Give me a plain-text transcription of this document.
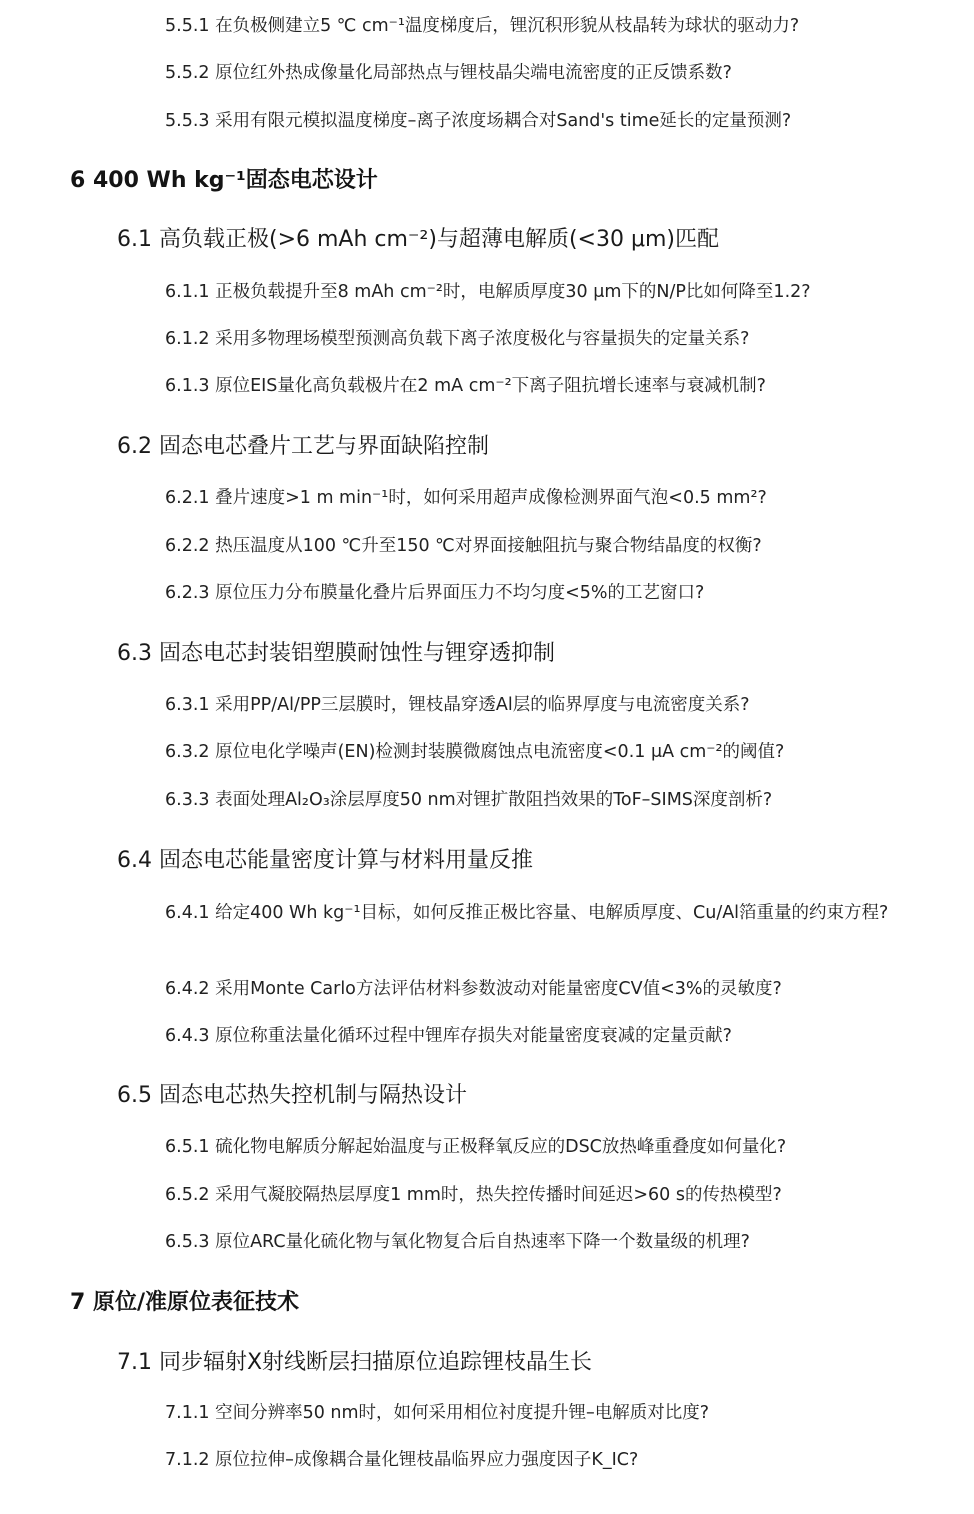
5.5.1 在负极侧建立5 ℃ cm⁻¹温度梯度后，锂沉积形貌从枝晶转为球状的驱动力?
5.5.2 原位红外热成像量化局部热点与锂枝晶尖端电流密度的正反馈系数?
5.5.3 采用有限元模拟温度梯度–离子浓度场耦合对Sand's time延长的定量预测?
6 400 Wh kg⁻¹固态电芯设计
6.1 高负载正极(>6 mAh cm⁻²)与超薄电解质(<30 μm)匹配
6.1.1 正极负载提升至8 mAh cm⁻²时，电解质厚度30 μm下的N/P比如何降至1.2?
6.1.2 采用多物理场模型预测高负载下离子浓度极化与容量损失的定量关系?
6.1.3 原位EIS量化高负载极片在2 mA cm⁻²下离子阻抗增长速率与衰减机制?
6.2 固态电芯叠片工艺与界面缺陷控制
6.2.1 叠片速度>1 m min⁻¹时，如何采用超声成像检测界面气泡<0.5 mm²?
6.2.2 热压温度从100 ℃升至150 ℃对界面接触阻抗与聚合物结晶度的权衡?
6.2.3 原位压力分布膜量化叠片后界面压力不均匀度<5%的工艺窗口?
6.3 固态电芯封装铝塑膜耐蚀性与锂穿透抑制
6.3.1 采用PP/Al/PP三层膜时，锂枝晶穿透Al层的临界厚度与电流密度关系?
6.3.2 原位电化学噪声(EN)检测封装膜微腐蚀点电流密度<0.1 μA cm⁻²的阈值?
6.3.3 表面处理Al₂O₃涂层厚度50 nm对锂扩散阻挡效果的ToF–SIMS深度剖析?
6.4 固态电芯能量密度计算与材料用量反推
6.4.1 给定400 Wh kg⁻¹目标，如何反推正极比容量、电解质厚度、Cu/Al箔重量的约束方程?
6.4.2 采用Monte Carlo方法评估材料参数波动对能量密度CV值<3%的灵敏度?
6.4.3 原位称重法量化循环过程中锂库存损失对能量密度衰减的定量贡献?
6.5 固态电芯热失控机制与隔热设计
6.5.1 硫化物电解质分解起始温度与正极释氧反应的DSC放热峰重叠度如何量化?
6.5.2 采用气凝胶隔热层厚度1 mm时，热失控传播时间延迟>60 s的传热模型?
6.5.3 原位ARC量化硫化物与氧化物复合后自热速率下降一个数量级的机理?
7 原位/准原位表征技术
7.1 同步辐射X射线断层扫描原位追踪锂枝晶生长
7.1.1 空间分辨率50 nm时，如何采用相位衬度提升锂–电解质对比度?
7.1.2 原位拉伸–成像耦合量化锂枝晶临界应力强度因子K_IC?
